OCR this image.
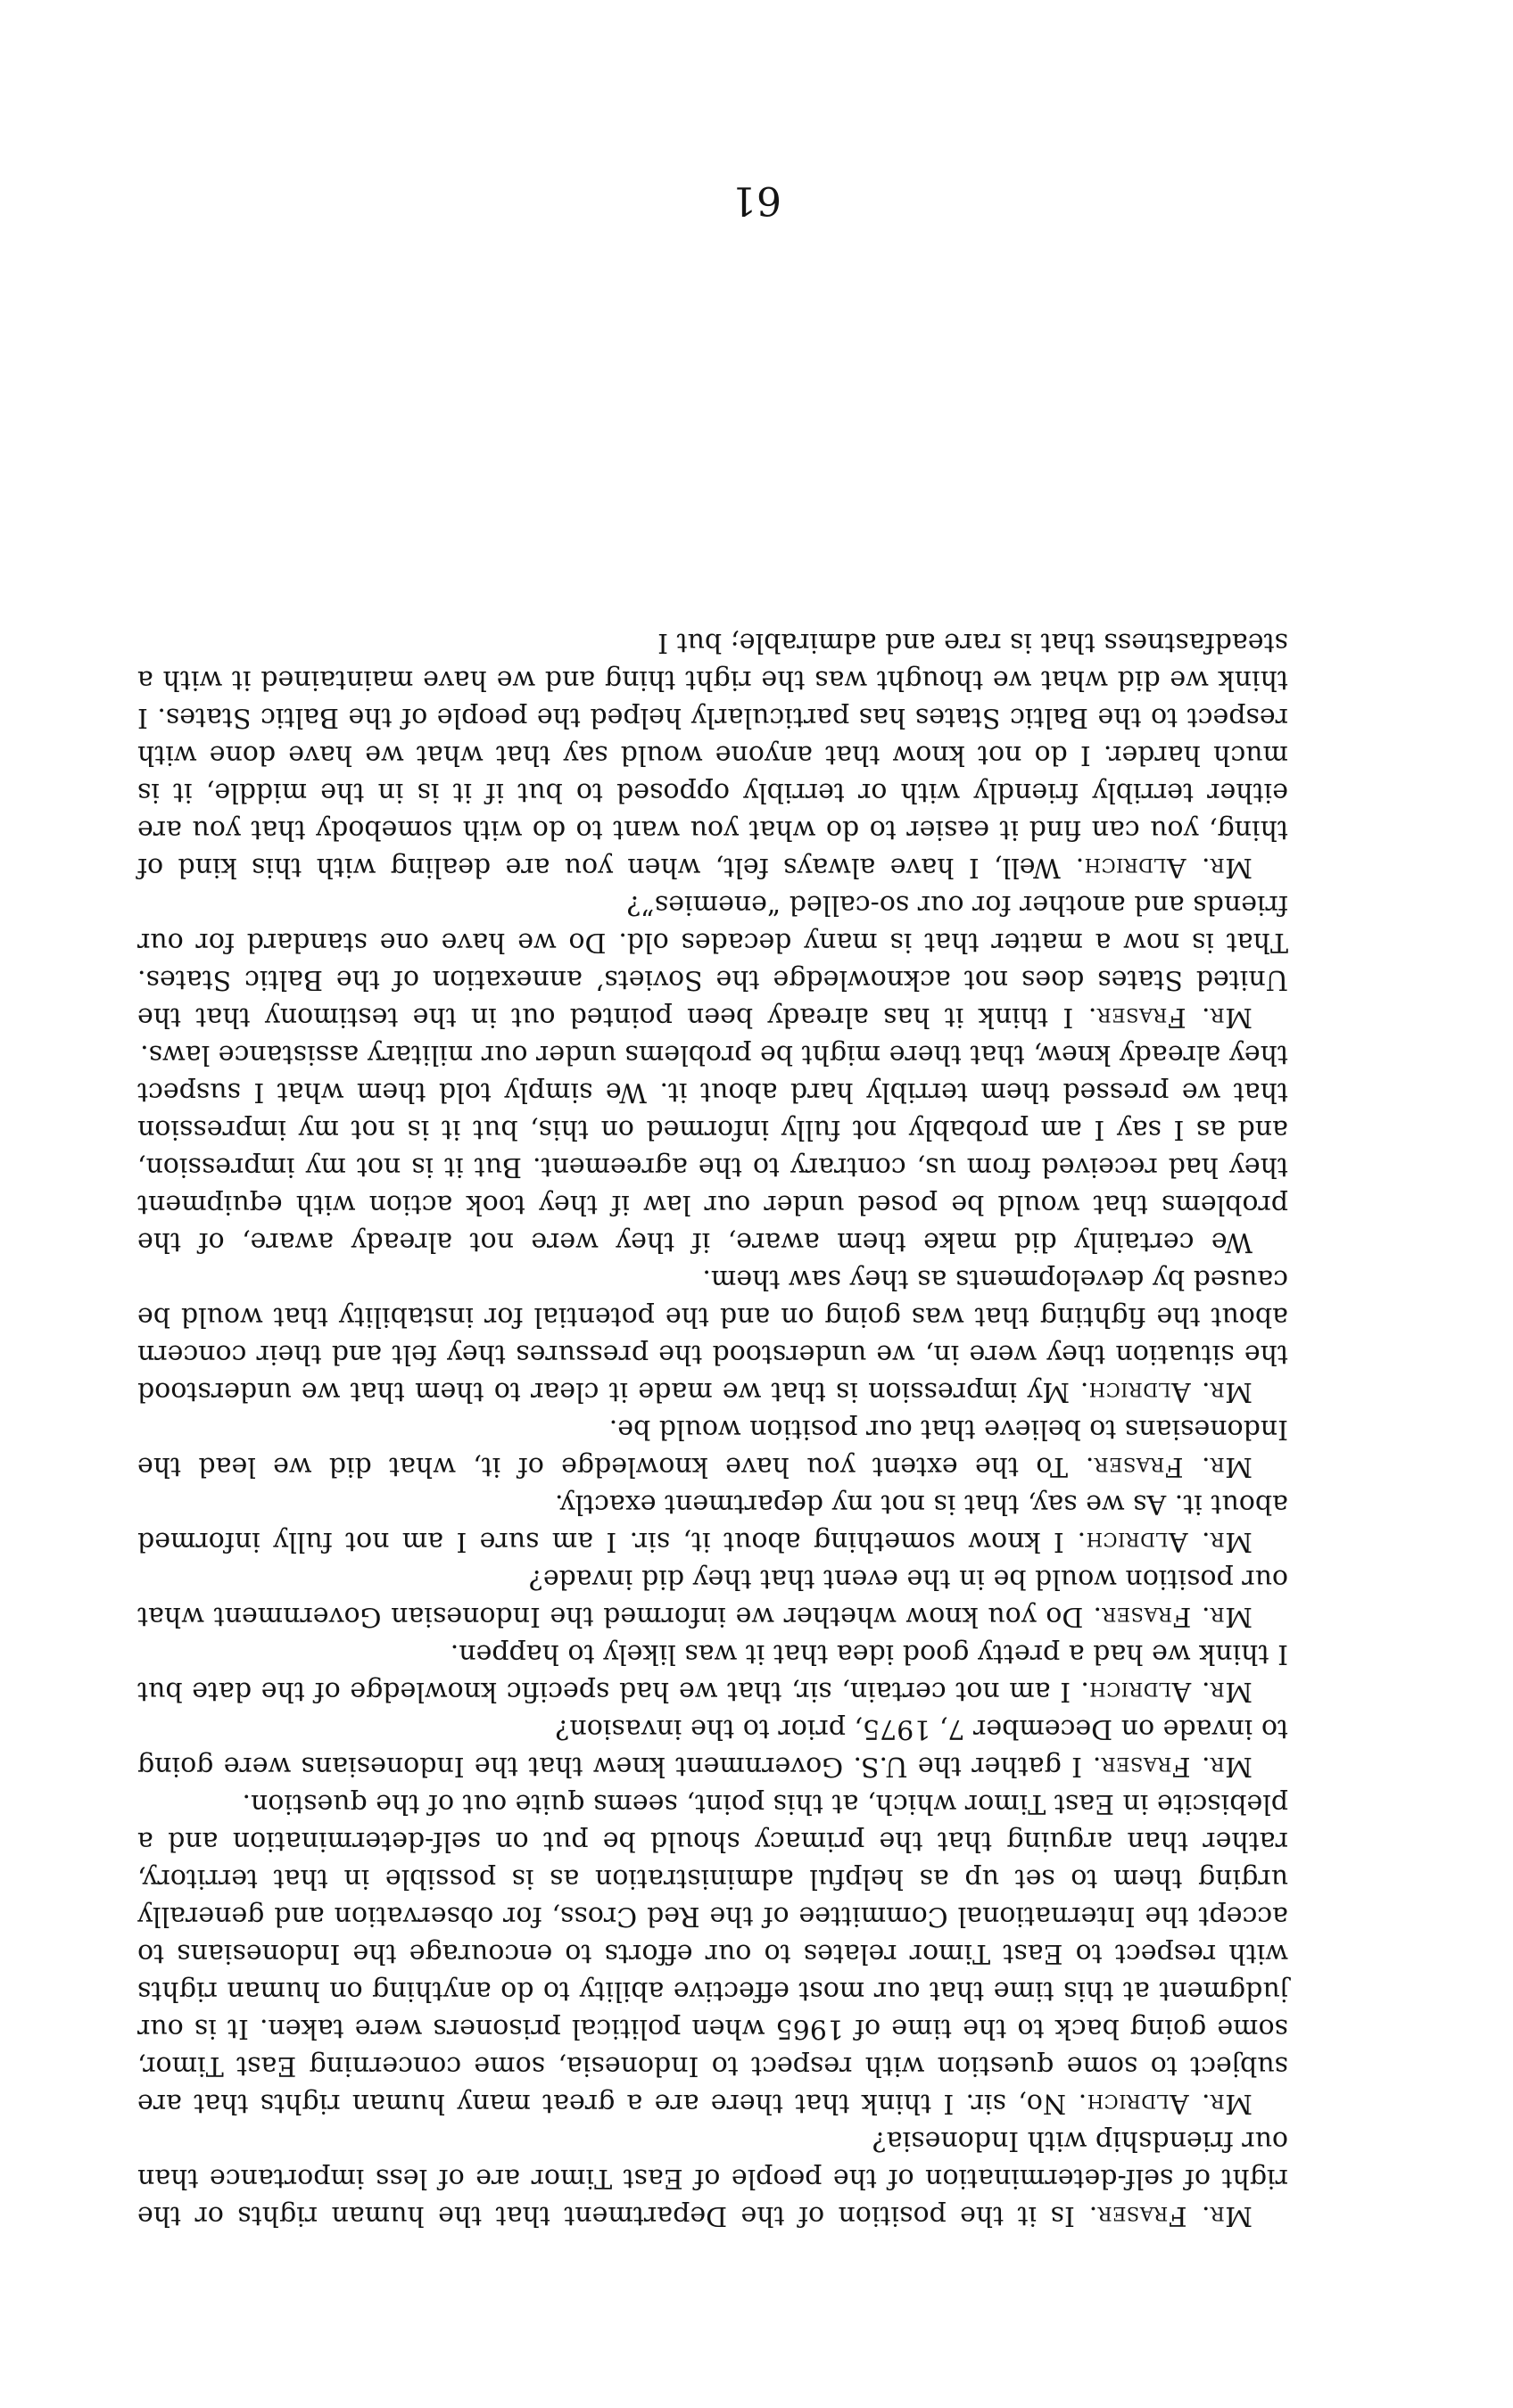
61

Mr. Fraser. Is it the position of the Department that the human rights or the right of self-determination of the people of East Timor are of less importance than our friendship with Indonesia?

Mr. Aldrich. No, sir. I think that there are a great many human rights that are subject to some question with respect to Indonesia, some concerning East Timor, some going back to the time of 1965 when political prisoners were taken. It is our judgment at this time that our most effective ability to do anything on human rights with respect to East Timor relates to our efforts to encourage the Indonesians to accept the International Committee of the Red Cross, for observation and generally urging them to set up as helpful administration as is possible in that territory, rather than arguing that the primacy should be put on self-determination and a plebiscite in East Timor which, at this point, seems quite out of the question.

Mr. Fraser. I gather the U.S. Government knew that the Indonesians were going to invade on December 7, 1975, prior to the invasion?

Mr. Aldrich. I am not certain, sir, that we had specific knowledge of the date but I think we had a pretty good idea that it was likely to happen.

Mr. Fraser. Do you know whether we informed the Indonesian Government what our position would be in the event that they did invade?

Mr. Aldrich. I know something about it, sir. I am sure I am not fully informed about it. As we say, that is not my department exactly.

Mr. Fraser. To the extent you have knowledge of it, what did we lead the Indonesians to believe that our position would be.

Mr. Aldrich. My impression is that we made it clear to them that we understood the situation they were in, we understood the pressures they felt and their concern about the fighting that was going on and the potential for instability that would be caused by developments as they saw them.

We certainly did make them aware, if they were not already aware, of the problems that would be posed under our law if they took action with equipment they had received from us, contrary to the agreement. But it is not my impression, and as I say I am probably not fully informed on this, but it is not my impression that we pressed them terribly hard about it. We simply told them what I suspect they already knew, that there might be problems under our military assistance laws.

Mr. Fraser. I think it has already been pointed out in the testimony that the United States does not acknowledge the Soviets’ annexation of the Baltic States. That is now a matter that is many decades old. Do we have one standard for our friends and another for our so-called “enemies”?

Mr. Aldrich. Well, I have always felt, when you are dealing with this kind of thing, you can find it easier to do what you want to do with somebody that you are either terribly friendly with or terribly opposed to but if it is in the middle, it is much harder. I do not know that anyone would say that what we have done with respect to the Baltic States has particularly helped the people of the Baltic States. I think we did what we thought was the right thing and we have maintained it with a steadfastness that is rare and admirable; but I
